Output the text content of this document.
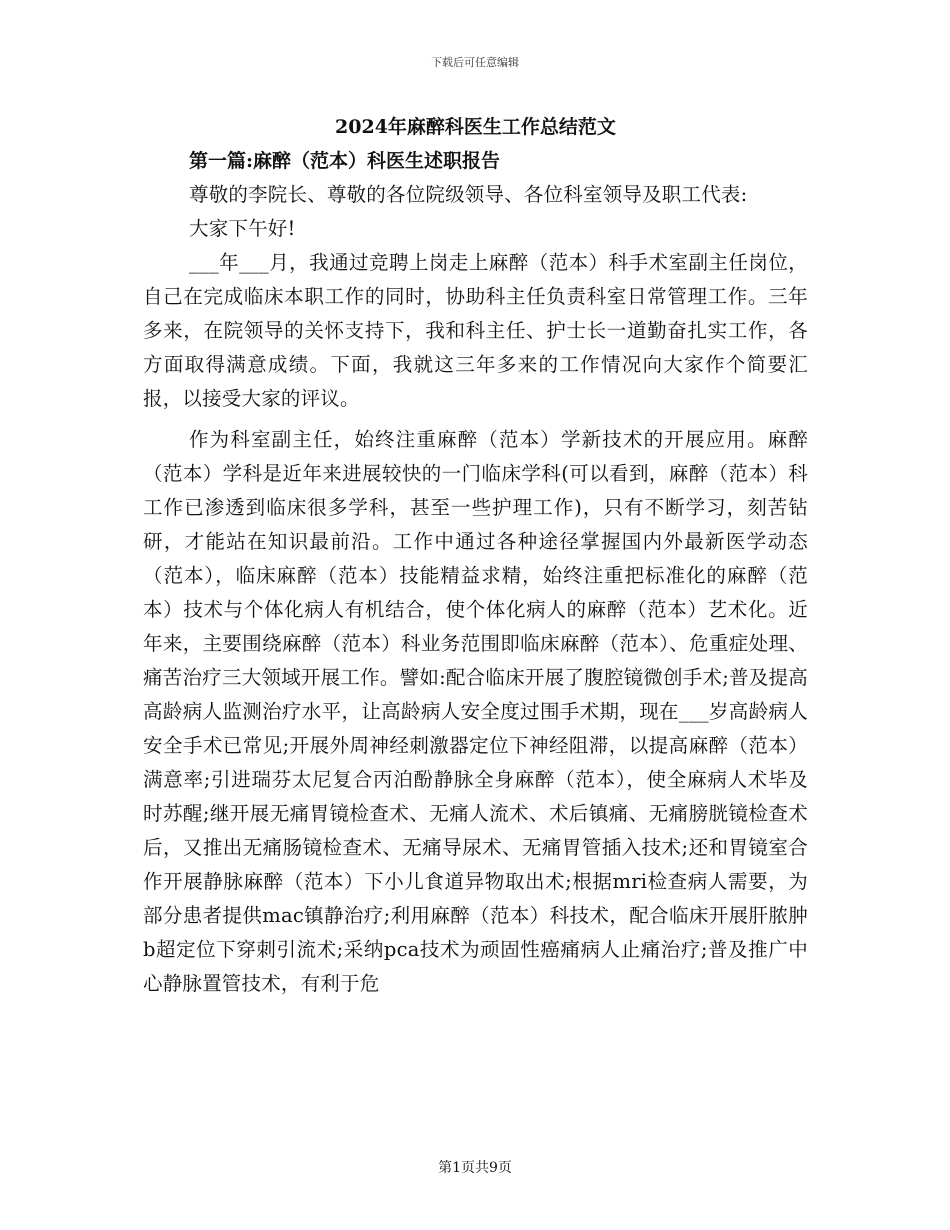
下载后可任意编辑
2024年麻醉科医生工作总结范文
第一篇:麻醉（范本）科医生述职报告

尊敬的李院长、尊敬的各位院级领导、各位科室领导及职工代表:

大家下午好!

___年___月，我通过竞聘上岗走上麻醉（范本）科手术室副主任岗位，自己在完成临床本职工作的同时，协助科主任负责科室日常管理工作。三年多来，在院领导的关怀支持下，我和科主任、护士长一道勤奋扎实工作，各方面取得满意成绩。下面，我就这三年多来的工作情况向大家作个简要汇报，以接受大家的评议。

作为科室副主任，始终注重麻醉（范本）学新技术的开展应用。麻醉（范本）学科是近年来进展较快的一门临床学科(可以看到，麻醉（范本）科工作已渗透到临床很多学科，甚至一些护理工作)，只有不断学习，刻苦钻研，才能站在知识最前沿。工作中通过各种途径掌握国内外最新医学动态（范本），临床麻醉（范本）技能精益求精，始终注重把标准化的麻醉（范本）技术与个体化病人有机结合，使个体化病人的麻醉（范本）艺术化。近年来，主要围绕麻醉（范本）科业务范围即临床麻醉（范本）、危重症处理、痛苦治疗三大领域开展工作。譬如:配合临床开展了腹腔镜微创手术;普及提高高龄病人监测治疗水平，让高龄病人安全度过围手术期，现在___岁高龄病人安全手术已常见;开展外周神经刺激器定位下神经阻滞，以提高麻醉（范本）满意率;引进瑞芬太尼复合丙泊酚静脉全身麻醉（范本），使全麻病人术毕及时苏醒;继开展无痛胃镜检查术、无痛人流术、术后镇痛、无痛膀胱镜检查术后，又推出无痛肠镜检查术、无痛导尿术、无痛胃管插入技术;还和胃镜室合作开展静脉麻醉（范本）下小儿食道异物取出术;根据mri检查病人需要，为部分患者提供mac镇静治疗;利用麻醉（范本）科技术，配合临床开展肝脓肿b超定位下穿刺引流术;采纳pca技术为顽固性癌痛病人止痛治疗;普及推广中心静脉置管技术，有利于危

第1页共9页
